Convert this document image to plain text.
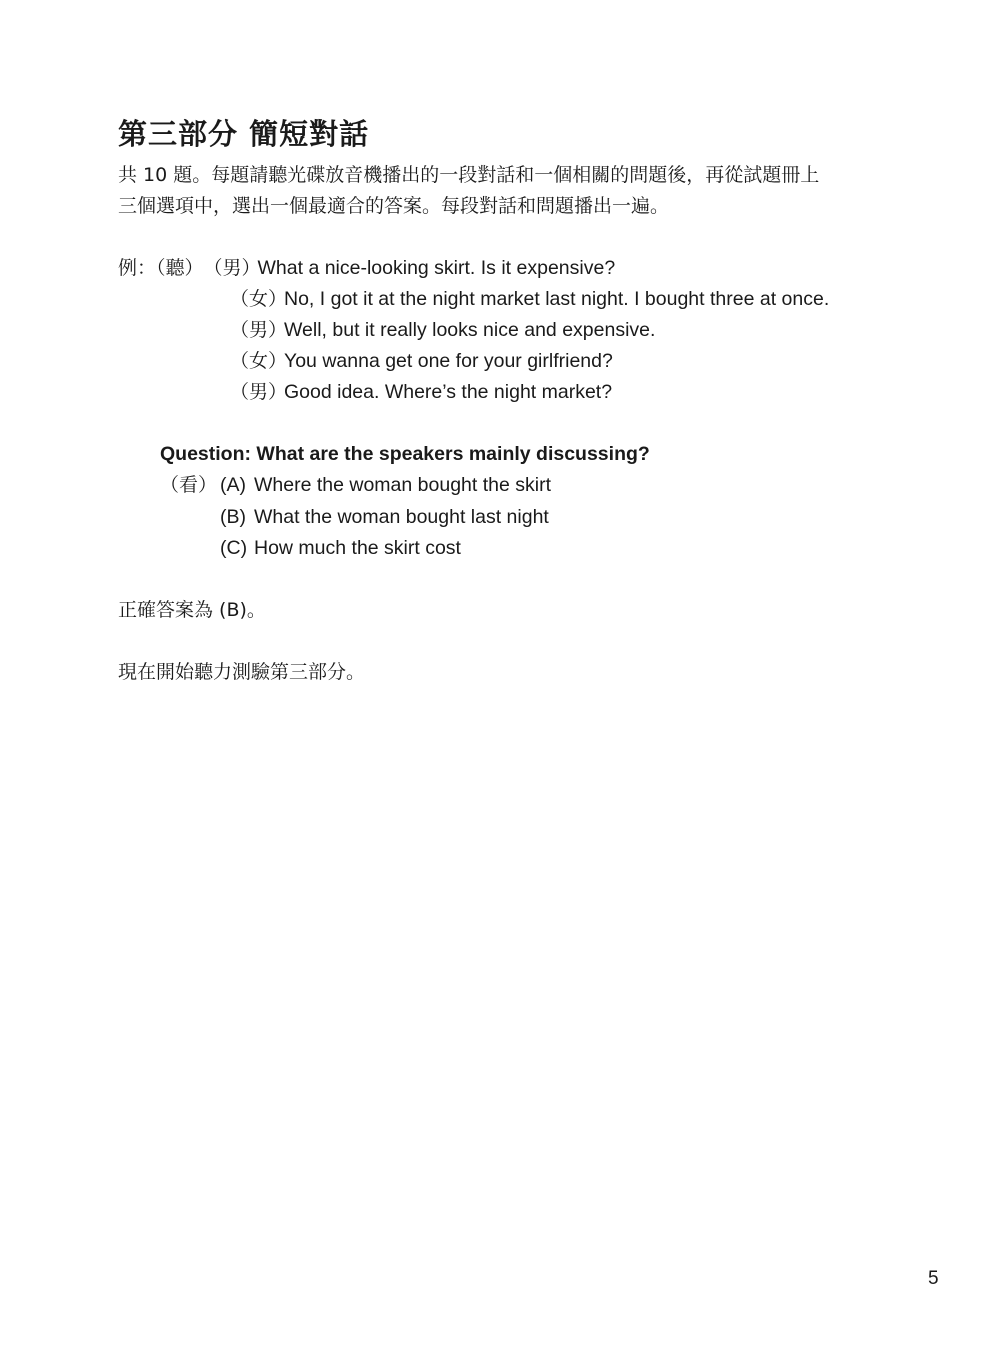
第三部分 簡短對話
共 10 題。每題請聽光碟放音機播出的一段對話和一個相關的問題後，再從試題冊上
三個選項中，選出一個最適合的答案。每段對話和問題播出一遍。
例：（聽）（男）What a nice-looking skirt. Is it expensive?
（女）No, I got it at the night market last night. I bought three at once.
（男）Well, but it really looks nice and expensive.
（女）You wanna get one for your girlfriend?
（男）Good idea. Where’s the night market?
Question: What are the speakers mainly discussing?
（看） (A) Where the woman bought the skirt
(B) What the woman bought last night
(C) How much the skirt cost
正確答案為 (B)。
現在開始聽力測驗第三部分。
5
